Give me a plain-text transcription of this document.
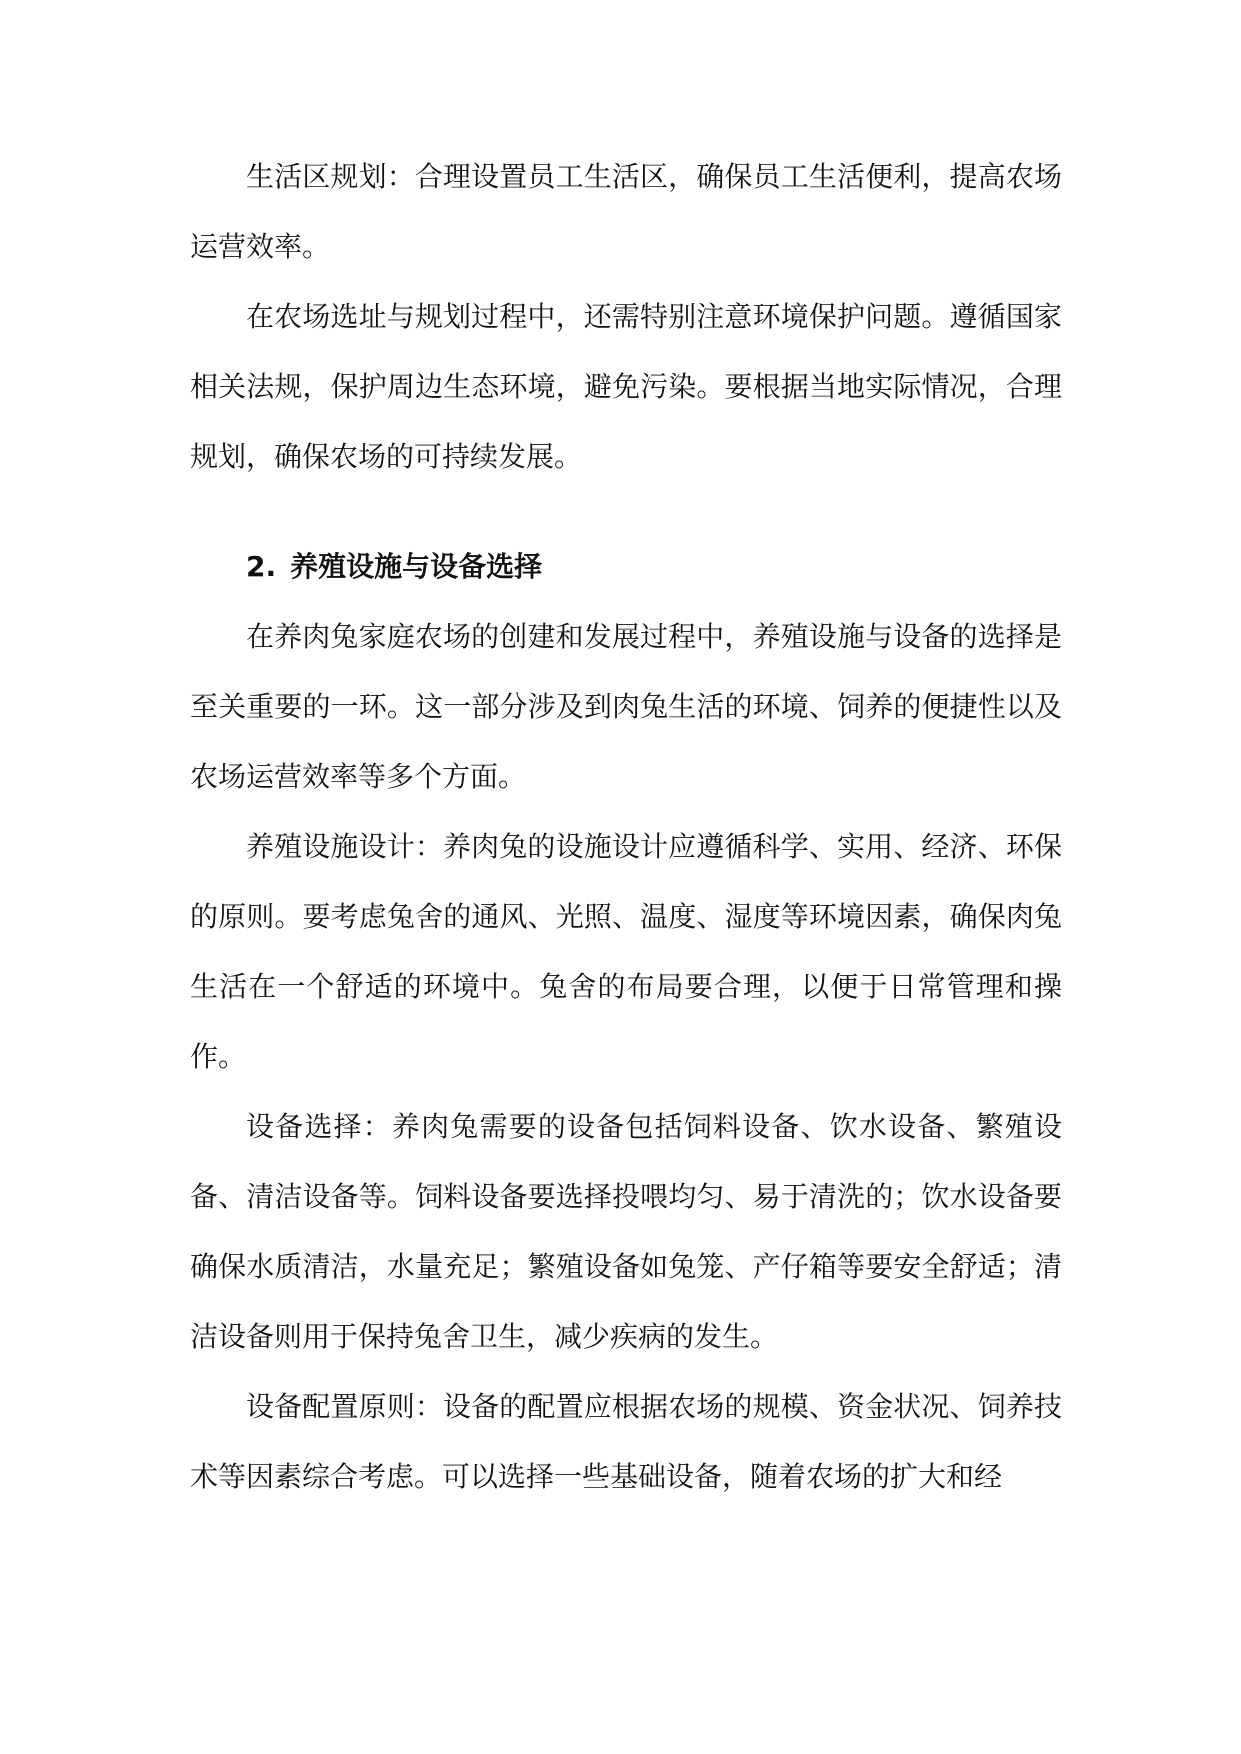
生活区规划：合理设置员工生活区，确保员工生活便利，提高农场运营效率。

在农场选址与规划过程中，还需特别注意环境保护问题。遵循国家相关法规，保护周边生态环境，避免污染。要根据当地实际情况，合理规划，确保农场的可持续发展。

2. 养殖设施与设备选择

在养肉兔家庭农场的创建和发展过程中，养殖设施与设备的选择是至关重要的一环。这一部分涉及到肉兔生活的环境、饲养的便捷性以及农场运营效率等多个方面。

养殖设施设计：养肉兔的设施设计应遵循科学、实用、经济、环保的原则。要考虑兔舍的通风、光照、温度、湿度等环境因素，确保肉兔生活在一个舒适的环境中。兔舍的布局要合理，以便于日常管理和操作。

设备选择：养肉兔需要的设备包括饲料设备、饮水设备、繁殖设备、清洁设备等。饲料设备要选择投喂均匀、易于清洗的；饮水设备要确保水质清洁，水量充足；繁殖设备如兔笼、产仔箱等要安全舒适；清洁设备则用于保持兔舍卫生，减少疾病的发生。

设备配置原则：设备的配置应根据农场的规模、资金状况、饲养技术等因素综合考虑。可以选择一些基础设备，随着农场的扩大和经
